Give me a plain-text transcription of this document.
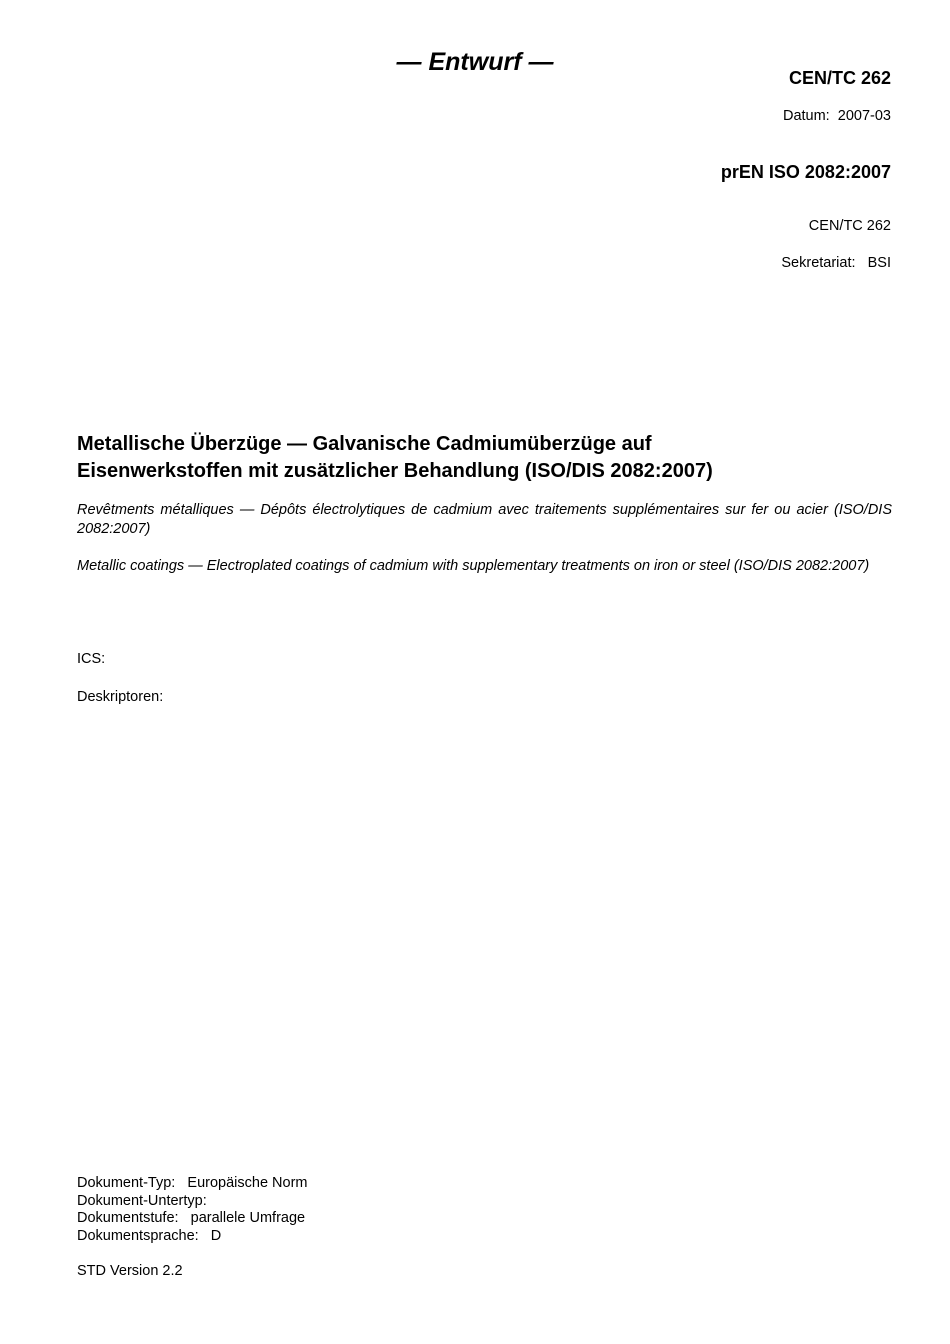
— Entwurf —
CEN/TC 262
Datum: 2007-03
prEN ISO 2082:2007
CEN/TC 262
Sekretariat: BSI
Metallische Überzüge — Galvanische Cadmiumüberzüge auf
Eisenwerkstoffen mit zusätzlicher Behandlung (ISO/DIS 2082:2007)
Revêtments métalliques — Dépôts électrolytiques de cadmium avec traitements supplémentaires sur fer ou acier (ISO/DIS 2082:2007)
Metallic coatings — Electroplated coatings of cadmium with supplementary treatments on iron or steel (ISO/DIS 2082:2007)
ICS:
Deskriptoren:
Dokument-Typ: Europäische Norm
Dokument-Untertyp:
Dokumentstufe: parallele Umfrage
Dokumentsprache: D
STD Version 2.2
